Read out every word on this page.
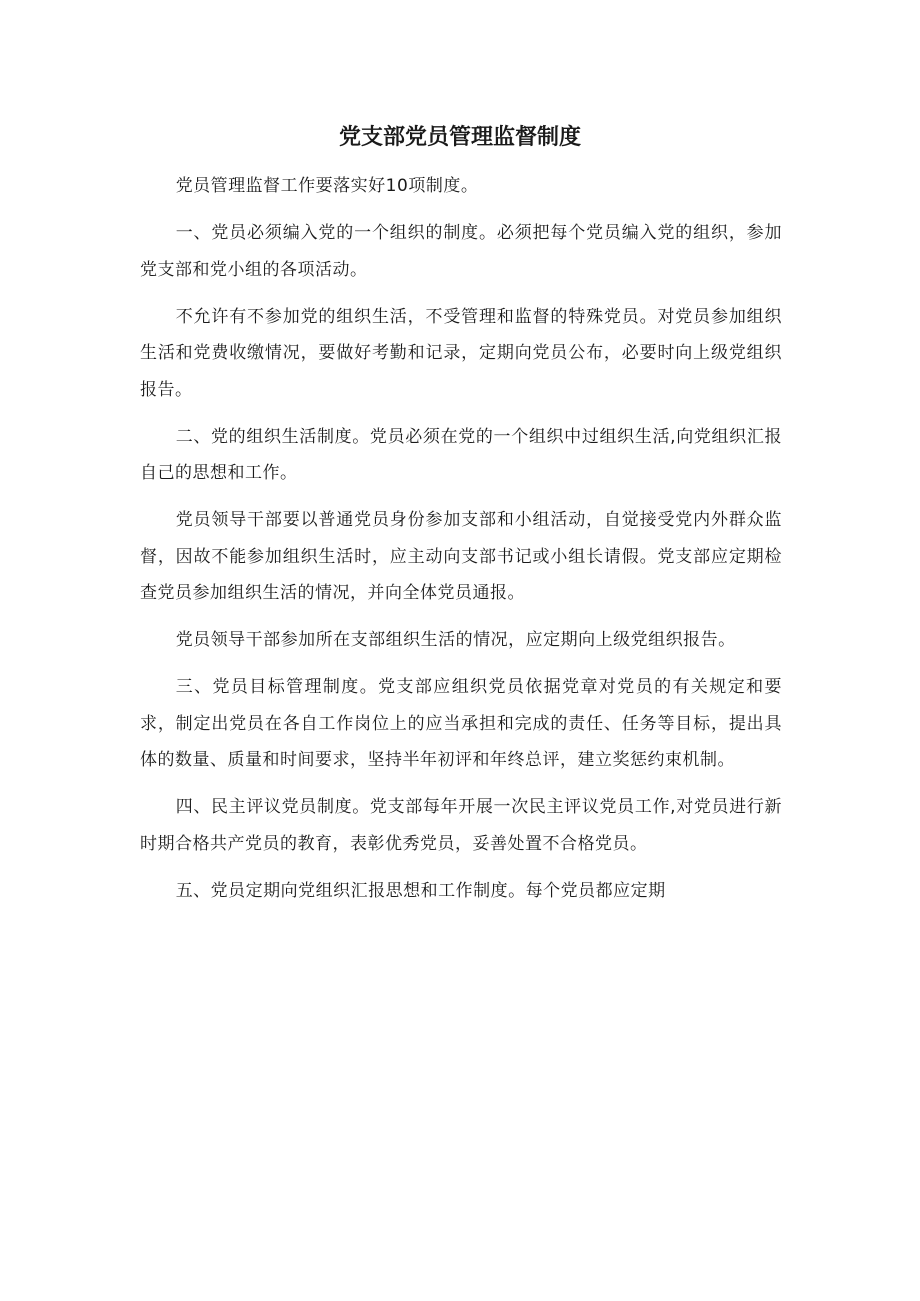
党支部党员管理监督制度

党员管理监督工作要落实好10项制度。

一、党员必须编入党的一个组织的制度。必须把每个党员编入党的组织，参加党支部和党小组的各项活动。

不允许有不参加党的组织生活，不受管理和监督的特殊党员。对党员参加组织生活和党费收缴情况，要做好考勤和记录，定期向党员公布，必要时向上级党组织报告。

二、党的组织生活制度。党员必须在党的一个组织中过组织生活,向党组织汇报自己的思想和工作。

党员领导干部要以普通党员身份参加支部和小组活动，自觉接受党内外群众监督，因故不能参加组织生活时，应主动向支部书记或小组长请假。党支部应定期检查党员参加组织生活的情况，并向全体党员通报。

党员领导干部参加所在支部组织生活的情况，应定期向上级党组织报告。

三、党员目标管理制度。党支部应组织党员依据党章对党员的有关规定和要求，制定出党员在各自工作岗位上的应当承担和完成的责任、任务等目标，提出具体的数量、质量和时间要求，坚持半年初评和年终总评，建立奖惩约束机制。

四、民主评议党员制度。党支部每年开展一次民主评议党员工作,对党员进行新时期合格共产党员的教育，表彰优秀党员，妥善处置不合格党员。

五、党员定期向党组织汇报思想和工作制度。每个党员都应定期
